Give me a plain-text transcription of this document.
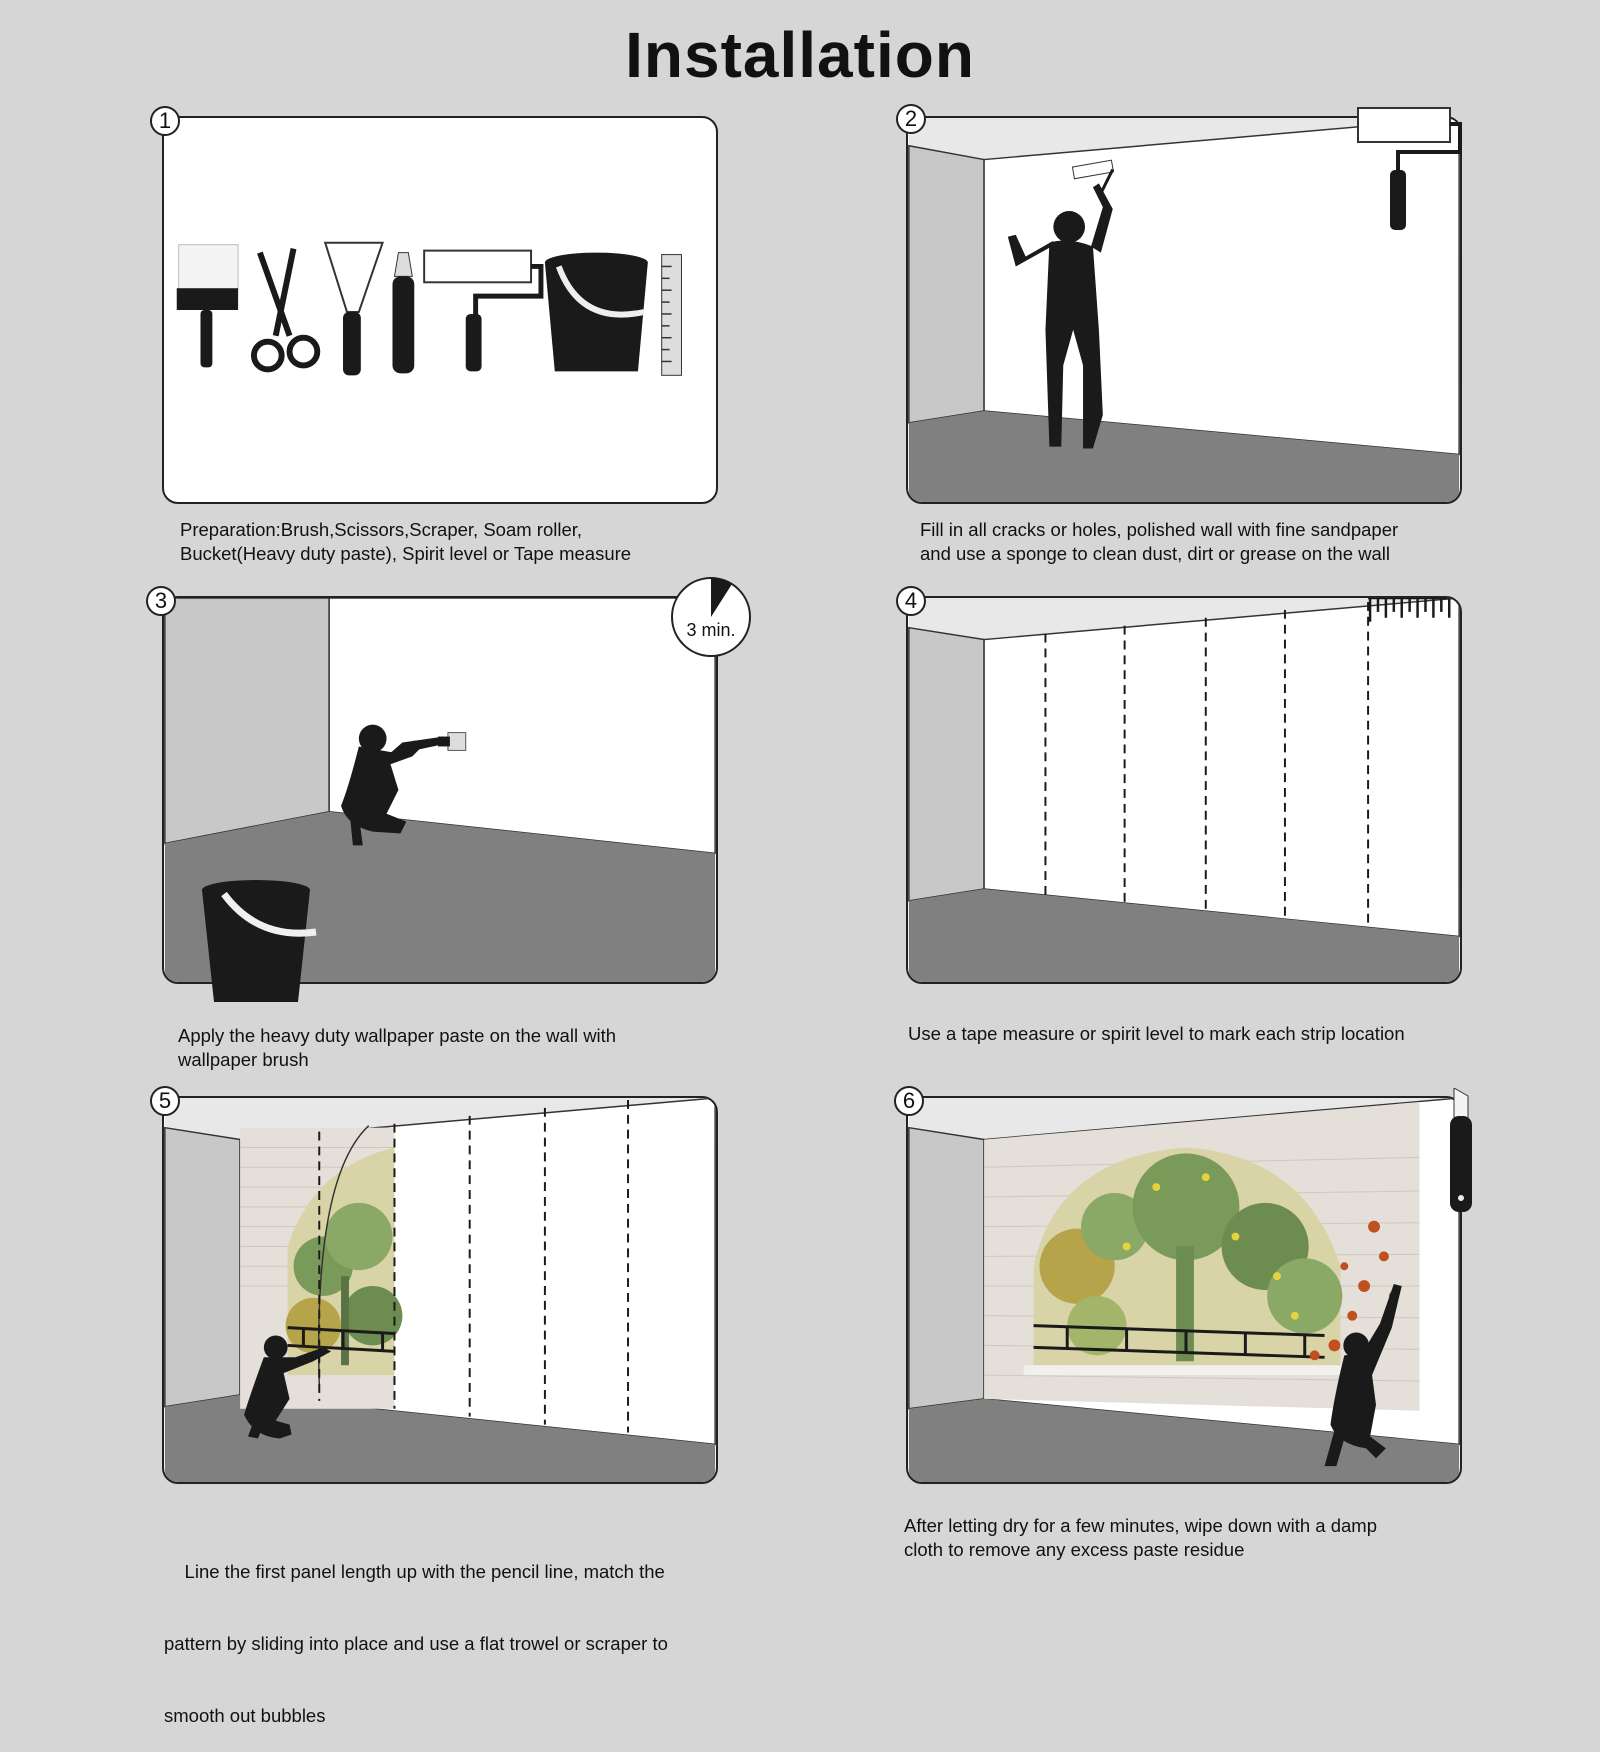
Installation
1
Preparation:Brush,Scissors,Scraper, Soam roller,
Bucket(Heavy duty paste), Spirit level or Tape measure
2
Fill in all cracks or holes, polished wall with fine sandpaper
and use a sponge to clean dust, dirt or grease on the wall
3 min.
3
Apply the heavy duty wallpaper paste on the wall with
wallpaper brush
4
Use a tape measure or spirit level to mark each strip location
5

Line the first panel length up with the pencil line, match the

pattern by sliding into place and use a flat trowel or scraper to

smooth out bubbles

6
After letting dry for a few minutes, wipe down with a damp
cloth to remove any excess paste residue
